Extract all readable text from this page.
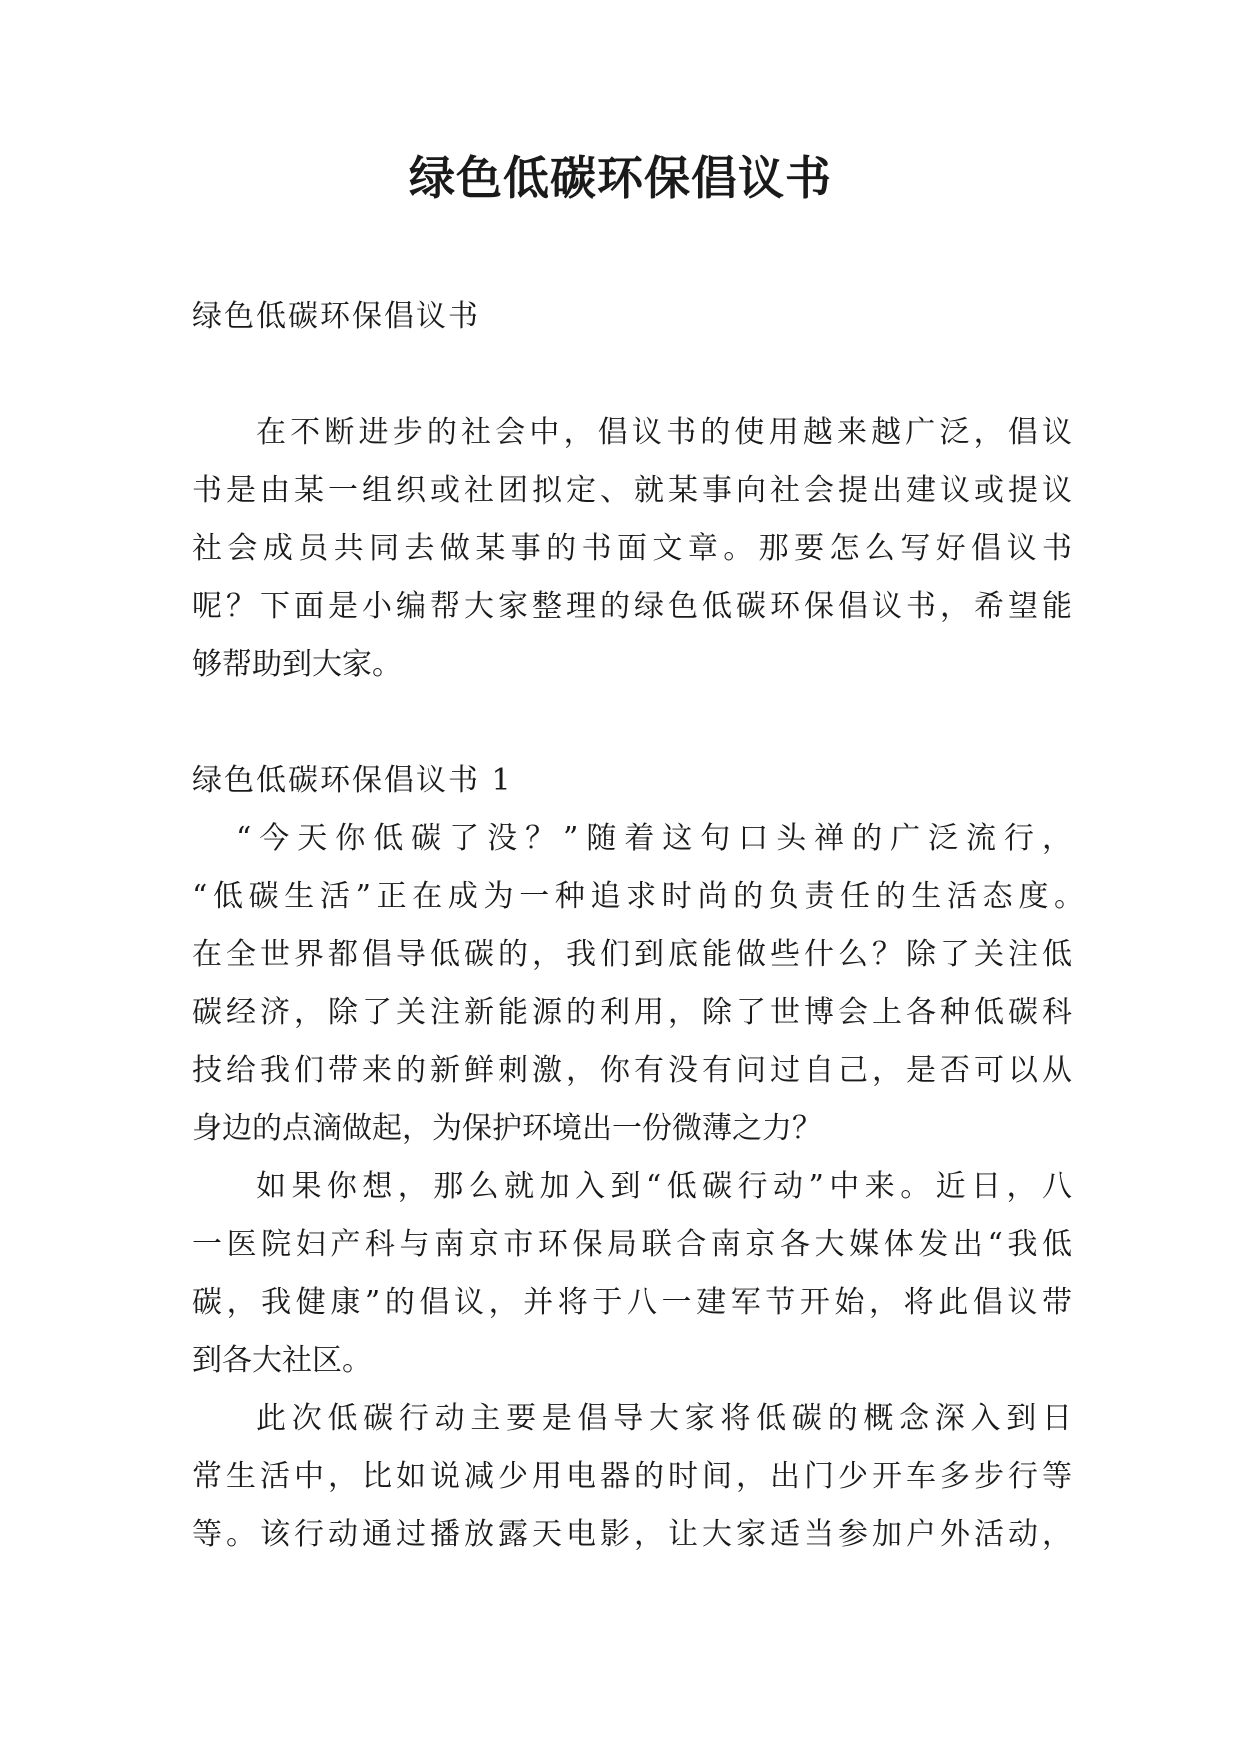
绿色低碳环保倡议书
绿色低碳环保倡议书
在不断进步的社会中，倡议书的使用越来越广泛，倡议
书是由某一组织或社团拟定、就某事向社会提出建议或提议
社会成员共同去做某事的书面文章。那要怎么写好倡议书
呢？下面是小编帮大家整理的绿色低碳环保倡议书，希望能
够帮助到大家。
绿色低碳环保倡议书 1
“今天你低碳了没？”随着这句口头禅的广泛流行，
“低碳生活”正在成为一种追求时尚的负责任的生活态度。
在全世界都倡导低碳的，我们到底能做些什么？除了关注低
碳经济，除了关注新能源的利用，除了世博会上各种低碳科
技给我们带来的新鲜刺激，你有没有问过自己，是否可以从
身边的点滴做起，为保护环境出一份微薄之力？
如果你想，那么就加入到“低碳行动”中来。近日，八
一医院妇产科与南京市环保局联合南京各大媒体发出“我低
碳，我健康”的倡议，并将于八一建军节开始，将此倡议带
到各大社区。
此次低碳行动主要是倡导大家将低碳的概念深入到日
常生活中，比如说减少用电器的时间，出门少开车多步行等
等。该行动通过播放露天电影，让大家适当参加户外活动，
